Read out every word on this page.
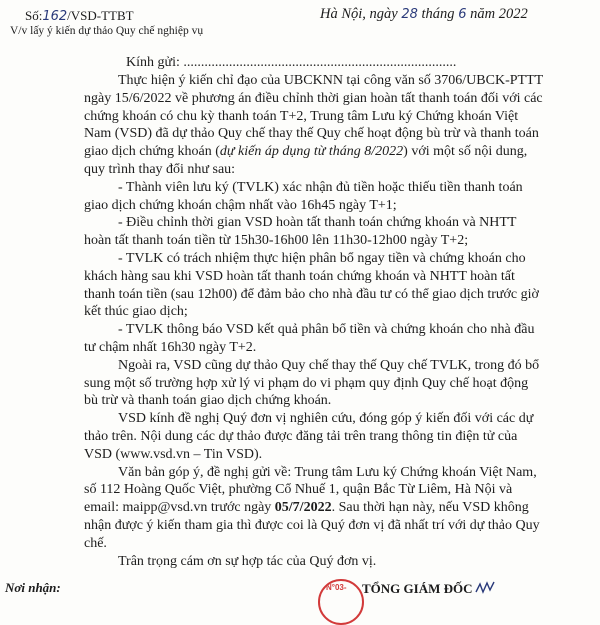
Số:162/VSD-TTBT
V/v lấy ý kiến dự thảo Quy chế nghiệp vụ
Hà Nội, ngày 28 tháng 6 năm 2022
Kính gửi: ..............................................................................
Thực hiện ý kiến chỉ đạo của UBCKNN tại công văn số 3706/UBCK-PTTT
ngày 15/6/2022 về phương án điều chỉnh thời gian hoàn tất thanh toán đối với các
chứng khoán có chu kỳ thanh toán T+2, Trung tâm Lưu ký Chứng khoán Việt
Nam (VSD) đã dự thảo Quy chế thay thế Quy chế hoạt động bù trừ và thanh toán
giao dịch chứng khoán (dự kiến áp dụng từ tháng 8/2022) với một số nội dung,
quy trình thay đổi như sau:
- Thành viên lưu ký (TVLK) xác nhận đủ tiền hoặc thiếu tiền thanh toán
giao dịch chứng khoán chậm nhất vào 16h45 ngày T+1;
- Điều chỉnh thời gian VSD hoàn tất thanh toán chứng khoán và NHTT
hoàn tất thanh toán tiền từ 15h30-16h00 lên 11h30-12h00 ngày T+2;
- TVLK có trách nhiệm thực hiện phân bổ ngay tiền và chứng khoán cho
khách hàng sau khi VSD hoàn tất thanh toán chứng khoán và NHTT hoàn tất
thanh toán tiền (sau 12h00) để đảm bảo cho nhà đầu tư có thể giao dịch trước giờ
kết thúc giao dịch;
- TVLK thông báo VSD kết quả phân bổ tiền và chứng khoán cho nhà đầu
tư chậm nhất 16h30 ngày T+2.
Ngoài ra, VSD cũng dự thảo Quy chế thay thế Quy chế TVLK, trong đó bổ
sung một số trường hợp xử lý vi phạm do vi phạm quy định Quy chế hoạt động
bù trừ và thanh toán giao dịch chứng khoán.
VSD kính đề nghị Quý đơn vị nghiên cứu, đóng góp ý kiến đối với các dự
thảo trên. Nội dung các dự thảo được đăng tải trên trang thông tin điện tử của
VSD (www.vsd.vn – Tin VSD).
Văn bản góp ý, đề nghị gửi về: Trung tâm Lưu ký Chứng khoán Việt Nam,
số 112 Hoàng Quốc Việt, phường Cổ Nhuế 1, quận Bắc Từ Liêm, Hà Nội và
email: maipp@vsd.vn trước ngày 05/7/2022. Sau thời hạn này, nếu VSD không
nhận được ý kiến tham gia thì được coi là Quý đơn vị đã nhất trí với dự thảo Quy
chế.
Trân trọng cám ơn sự hợp tác của Quý đơn vị.
Nơi nhận:	N°03- TỔNG GIÁM ĐỐC
